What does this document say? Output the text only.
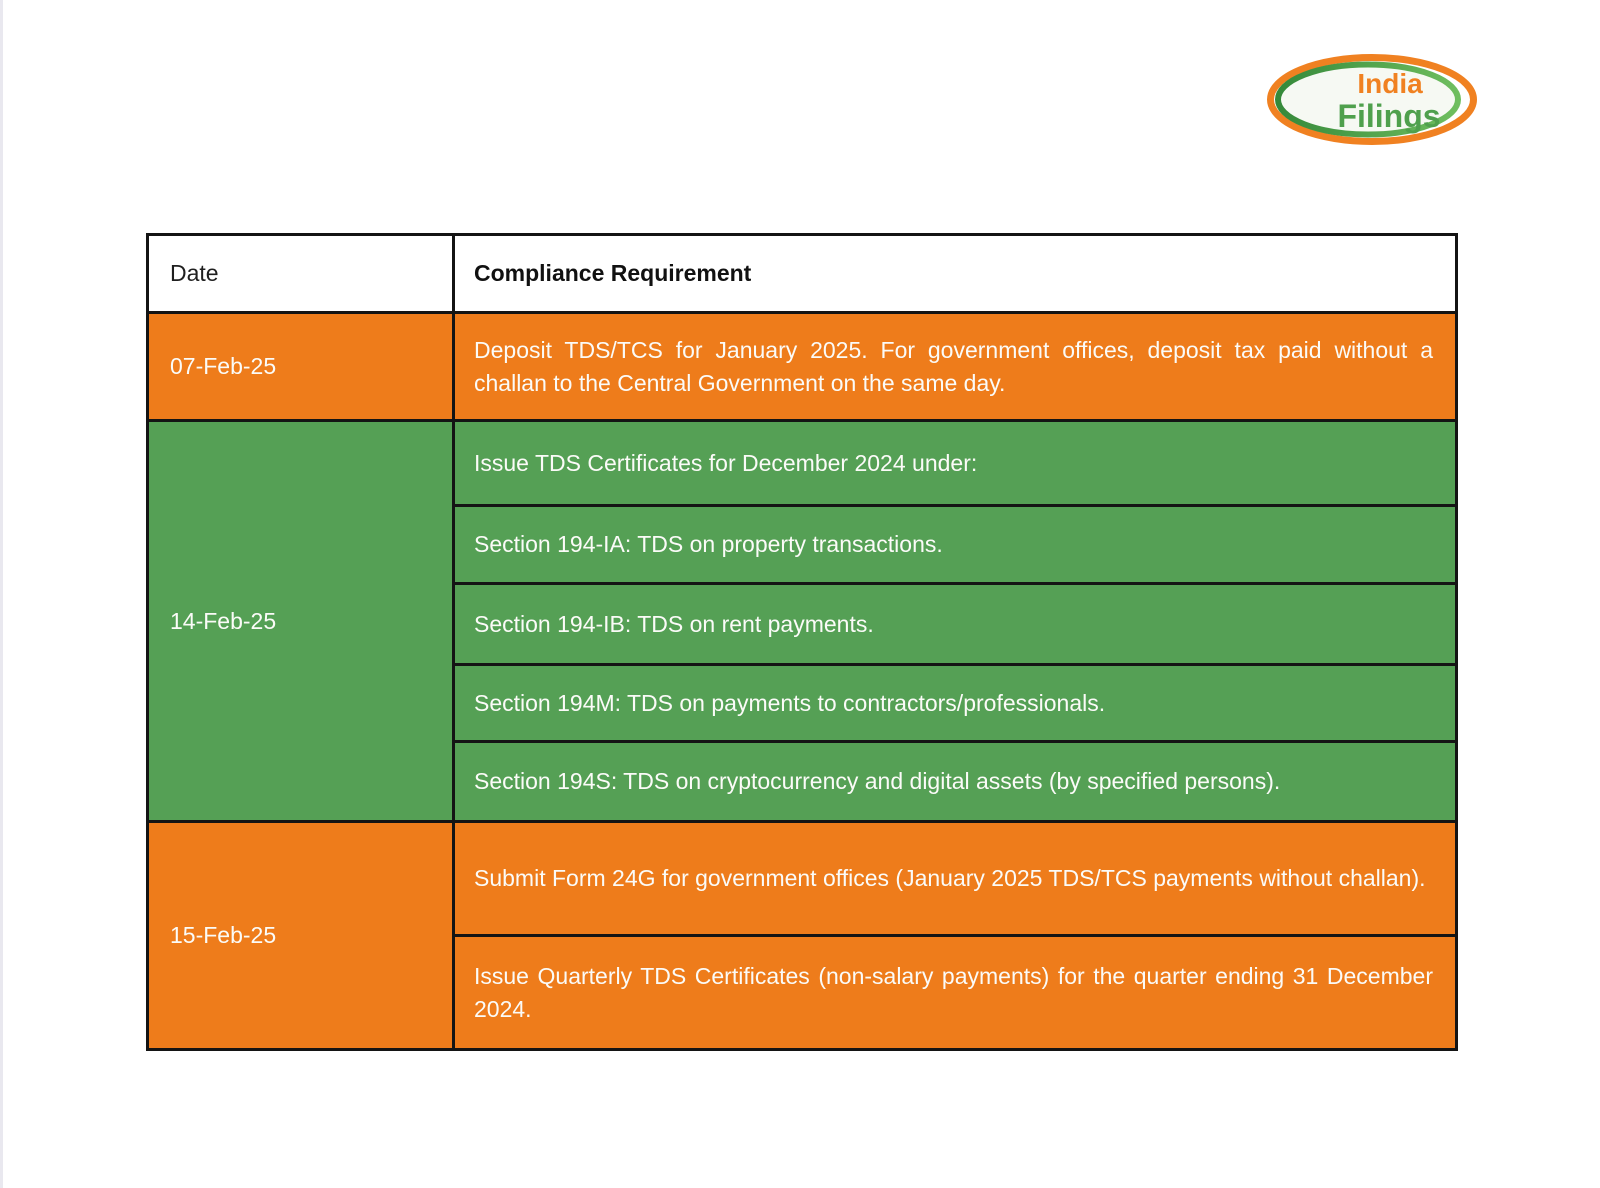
India
Filings
Date	Compliance Requirement
07-Feb-25	Deposit TDS/TCS for January 2025. For government offices, deposit tax paid without a challan to the Central Government on the same day.
14-Feb-25	Issue TDS Certificates for December 2024 under:
	Section 194-IA: TDS on property transactions.
	Section 194-IB: TDS on rent payments.
	Section 194M: TDS on payments to contractors/professionals.
	Section 194S: TDS on cryptocurrency and digital assets (by specified persons).
15-Feb-25	Submit Form 24G for government offices (January 2025 TDS/TCS payments without challan).
	Issue Quarterly TDS Certificates (non-salary payments) for the quarter ending 31 December 2024.
